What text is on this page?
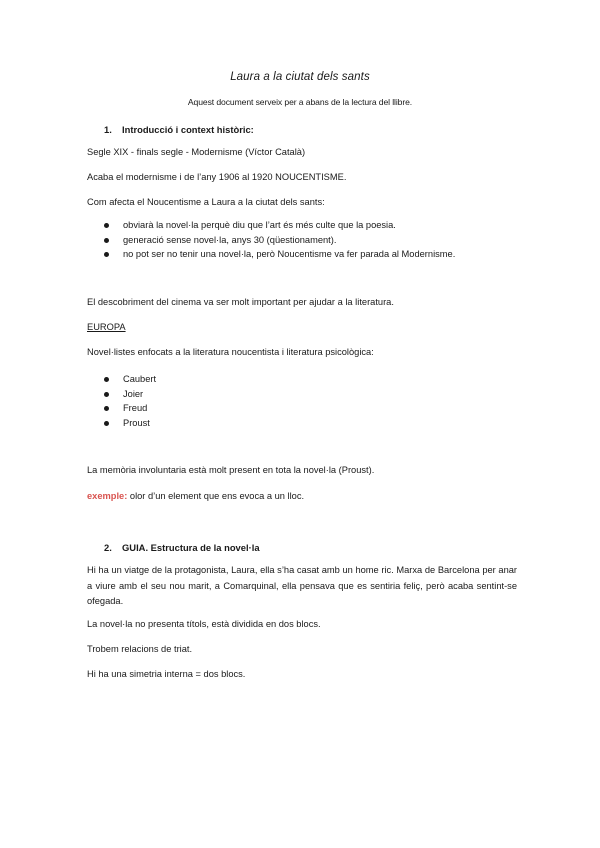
Laura a la ciutat dels sants
Aquest document serveix per a abans de la lectura del llibre.
1. Introducció i context històric:
Segle XIX - finals segle - Modernisme (Víctor Català)
Acaba el modernisme i de l’any 1906 al 1920 NOUCENTISME.
Com afecta el Noucentisme a Laura a la ciutat dels sants:
obviarà la novel·la perquè diu que l’art és més culte que la poesia.
generació sense novel·la, anys 30 (qüestionament).
no pot ser no tenir una novel·la, però Noucentisme va fer parada al Modernisme.
El descobriment del cinema va ser molt important per ajudar a la literatura.
EUROPA
Novel·listes enfocats a la literatura noucentista i literatura psicològica:
Caubert
Joier
Freud
Proust
La memòria involuntaria està molt present en tota la novel·la (Proust).
exemple: olor d’un element que ens evoca a un lloc.
2. GUIA. Estructura de la novel·la
Hi ha un viatge de la protagonista, Laura, ella s’ha casat amb un home ric. Marxa de Barcelona per anar a viure amb el seu nou marit, a Comarquinal, ella pensava que es sentiria feliç, però acaba sentint-se ofegada.
La novel·la no presenta títols, està dividida en dos blocs.
Trobem relacions de triat.
Hi ha una simetria interna = dos blocs.
